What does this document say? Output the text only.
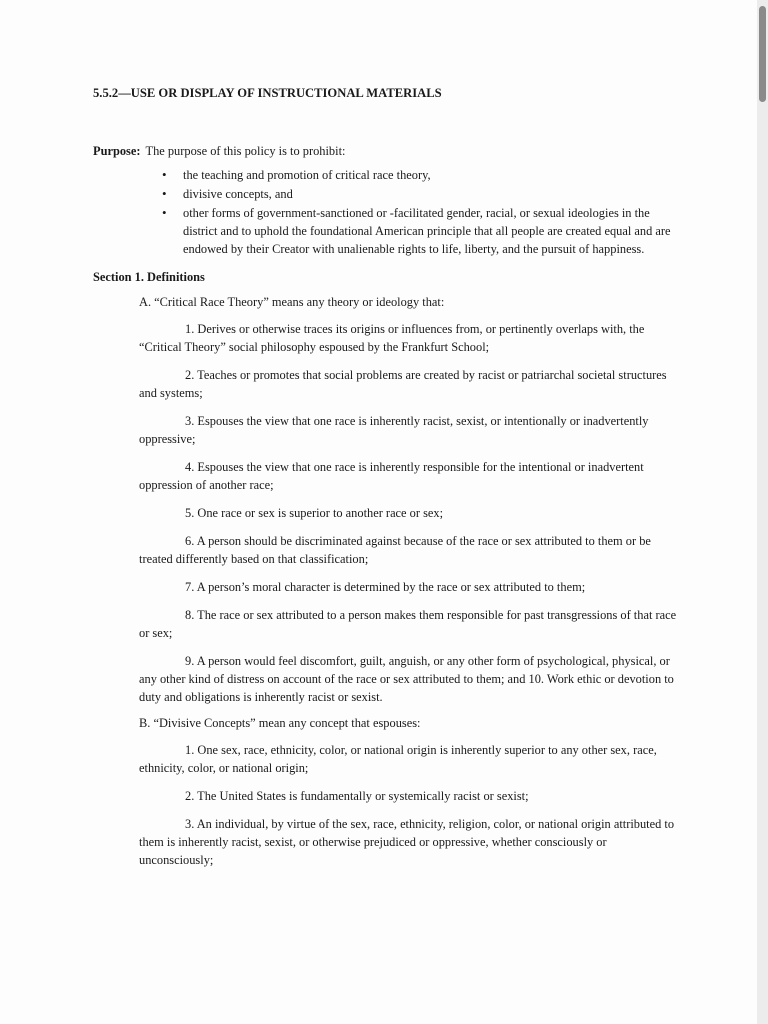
5.5.2—USE OR DISPLAY OF INSTRUCTIONAL MATERIALS
Purpose: The purpose of this policy is to prohibit:
• the teaching and promotion of critical race theory,
• divisive concepts, and
• other forms of government-sanctioned or -facilitated gender, racial, or sexual ideologies in the district and to uphold the foundational American principle that all people are created equal and are endowed by their Creator with unalienable rights to life, liberty, and the pursuit of happiness.
Section 1. Definitions
A. “Critical Race Theory” means any theory or ideology that:
1. Derives or otherwise traces its origins or influences from, or pertinently overlaps with, the “Critical Theory” social philosophy espoused by the Frankfurt School;
2. Teaches or promotes that social problems are created by racist or patriarchal societal structures and systems;
3. Espouses the view that one race is inherently racist, sexist, or intentionally or inadvertently oppressive;
4. Espouses the view that one race is inherently responsible for the intentional or inadvertent oppression of another race;
5. One race or sex is superior to another race or sex;
6. A person should be discriminated against because of the race or sex attributed to them or be treated differently based on that classification;
7. A person’s moral character is determined by the race or sex attributed to them;
8. The race or sex attributed to a person makes them responsible for past transgressions of that race or sex;
9. A person would feel discomfort, guilt, anguish, or any other form of psychological, physical, or any other kind of distress on account of the race or sex attributed to them; and 10. Work ethic or devotion to duty and obligations is inherently racist or sexist.
B. “Divisive Concepts” mean any concept that espouses:
1. One sex, race, ethnicity, color, or national origin is inherently superior to any other sex, race, ethnicity, color, or national origin;
2. The United States is fundamentally or systemically racist or sexist;
3. An individual, by virtue of the sex, race, ethnicity, religion, color, or national origin attributed to them is inherently racist, sexist, or otherwise prejudiced or oppressive, whether consciously or unconsciously;
